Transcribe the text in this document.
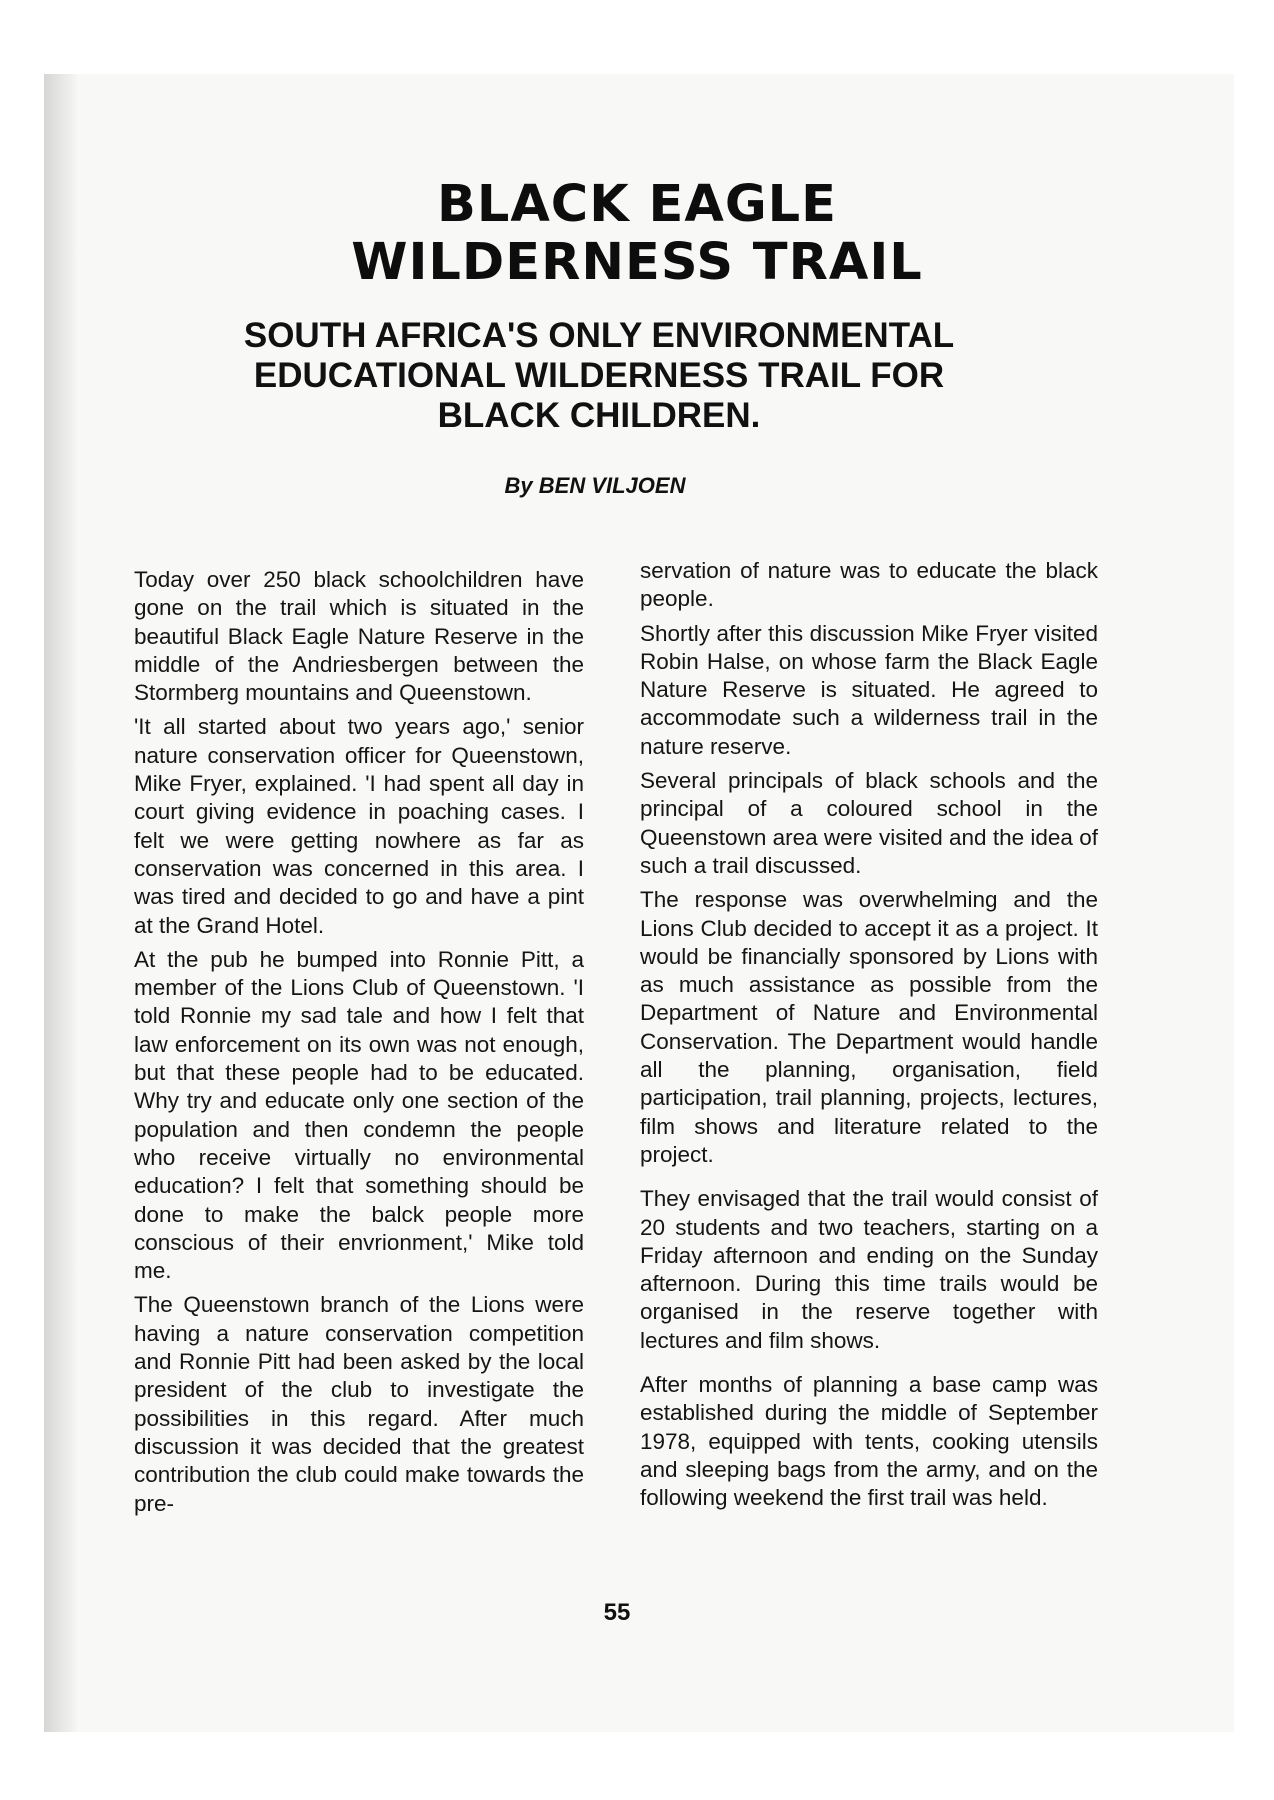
BLACK EAGLE
WILDERNESS TRAIL
SOUTH AFRICA'S ONLY ENVIRONMENTAL
EDUCATIONAL WILDERNESS TRAIL FOR
BLACK CHILDREN.
By BEN VILJOEN

Today over 250 black schoolchildren have gone on the trail which is situated in the beautiful Black Eagle Nature Reserve in the middle of the Andriesbergen between the Stormberg mountains and Queenstown.

'It all started about two years ago,' senior nature conservation officer for Queenstown, Mike Fryer, explained. 'I had spent all day in court giving evidence in poaching cases. I felt we were getting nowhere as far as conservation was concerned in this area. I was tired and decided to go and have a pint at the Grand Hotel.

At the pub he bumped into Ronnie Pitt, a member of the Lions Club of Queenstown. 'I told Ronnie my sad tale and how I felt that law enforcement on its own was not enough, but that these people had to be educated. Why try and educate only one section of the population and then condemn the people who receive virtually no environmental education? I felt that something should be done to make the balck people more conscious of their envrionment,' Mike told me.

The Queenstown branch of the Lions were having a nature conservation competition and Ronnie Pitt had been asked by the local president of the club to investigate the possibilities in this regard. After much discussion it was decided that the greatest contribution the club could make towards the pre-

servation of nature was to educate the black people.

Shortly after this discussion Mike Fryer visited Robin Halse, on whose farm the Black Eagle Nature Reserve is situated. He agreed to accommodate such a wilderness trail in the nature reserve.

Several principals of black schools and the principal of a coloured school in the Queenstown area were visited and the idea of such a trail discussed.

The response was overwhelming and the Lions Club decided to accept it as a project. It would be financially sponsored by Lions with as much assistance as possible from the Department of Nature and Environmental Conservation. The Department would handle all the planning, organisation, field participation, trail planning, projects, lectures, film shows and literature related to the project.

They envisaged that the trail would consist of 20 students and two teachers, starting on a Friday afternoon and ending on the Sunday afternoon. During this time trails would be organised in the reserve together with lectures and film shows.

After months of planning a base camp was established during the middle of September 1978, equipped with tents, cooking utensils and sleeping bags from the army, and on the following weekend the first trail was held.

55
